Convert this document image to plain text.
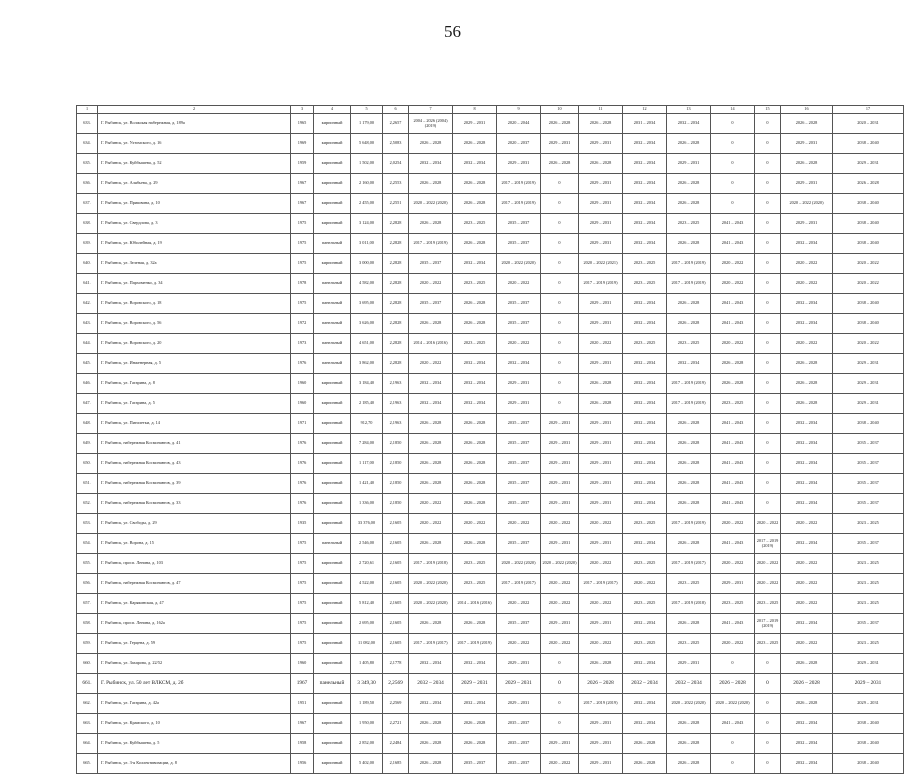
56
1	2	3	4	5	6	7	8	9	10	11	12	13	14	15	16	17
633.	Г. Рыбинск, ул. Волжская набережная, д. 189а	1965	кирпичный	1 179,00	2,2657	2004 – 2026 (2004) (2019)	2029 – 2031	2020 – 2044	2026 – 2028	2026 – 2028	2031 – 2034	2032 – 2034	0	0	2026 – 2028	2020 – 2031
634.	Г. Рыбинск, ул. Ухтомского, д. 16	1969	кирпичный	5 648,00	2,5083	2026 – 2028	2026 – 2028	2020 – 2037	2029 – 2031	2029 – 2031	2032 – 2034	2026 – 2028	0	0	2029 – 2031	2038 – 2040
635.	Г. Рыбинск, ул. Куйбышева, д. 52	1959	кирпичный	1 502,00	2,0254	2032 – 2034	2032 – 2034	2029 – 2031	2026 – 2028	2026 – 2028	2032 – 2034	2029 – 2031	0	0	2026 – 2028	2029 – 2031
636.	Г. Рыбинск, ул. Алябьева, д. 29	1967	кирпичный	2 160,00	2,2553	2026 – 2028	2026 – 2028	2017 – 2019 (2019)	0	2029 – 2031	2032 – 2034	2026 – 2028	0	0	2029 – 2031	2026 – 2028
637.	Г. Рыбинск, ул. Пришвина, д. 10	1967	кирпичный	2 455,00	2,2551	2020 – 2022 (2020)	2026 – 2028	2017 – 2019 (2019)	0	2029 – 2031	2032 – 2034	2026 – 2028	0	0	2020 – 2022 (2020)	2038 – 2040
638.	Г. Рыбинск, ул. Свердлова, д. 3	1975	кирпичный	3 124,00	2,2828	2026 – 2028	2023 – 2025	2035 – 2037	0	2029 – 2031	2032 – 2034	2023 – 2025	2041 – 2043	0	2029 – 2031	2038 – 2040
639.	Г. Рыбинск, ул. Юбилейная, д. 19	1975	панельный	3 011,00	2,2828	2017 – 2019 (2019)	2026 – 2028	2035 – 2037	0	2029 – 2031	2032 – 2034	2026 – 2028	2041 – 2043	0	2032 – 2034	2038 – 2040
640.	Г. Рыбинск, ул. Зеленая, д. 32а	1975	кирпичный	3 000,00	2,2828	2035 – 2037	2032 – 2034	2020 – 2022 (2020)	0	2020 – 2022 (2021)	2023 – 2025	2017 – 2019 (2019)	2020 – 2022	0	2020 – 2022	2020 – 2022
641.	Г. Рыбинск, ул. Пархоменко, д. 34	1978	панельный	4 582,00	2,2828	2020 – 2022	2023 – 2025	2020 – 2022	0	2017 – 2019 (2019)	2023 – 2025	2017 – 2019 (2019)	2020 – 2022	0	2020 – 2022	2020 – 2022
642.	Г. Рыбинск, ул. Воровского, д. 18	1975	панельный	3 695,00	2,2828	2035 – 2037	2026 – 2028	2035 – 2037	0	2029 – 2031	2032 – 2034	2026 – 2028	2041 – 2043	0	2032 – 2034	2038 – 2040
643.	Г. Рыбинск, ул. Воровского, д. 56	1972	панельный	3 626,00	2,2828	2026 – 2028	2026 – 2028	2035 – 2037	0	2029 – 2031	2032 – 2034	2026 – 2028	2041 – 2043	0	2032 – 2034	2038 – 2040
644.	Г. Рыбинск, ул. Воровского, д. 20	1973	панельный	4 651,00	2,2828	2014 – 2016 (2016)	2023 – 2025	2020 – 2022	0	2020 – 2022	2023 – 2025	2023 – 2025	2020 – 2022	0	2020 – 2022	2020 – 2022
645.	Г. Рыбинск, ул. Инженерная, д. 5	1976	панельный	3 862,00	2,2828	2020 – 2022	2032 – 2034	2032 – 2034	0	2029 – 2031	2032 – 2034	2032 – 2034	2026 – 2028	0	2026 – 2028	2029 – 2031
646.	Г. Рыбинск, ул. Гагарина, д. 8	1960	кирпичный	3 184,40	2,1963	2032 – 2034	2032 – 2034	2029 – 2031	0	2026 – 2028	2032 – 2034	2017 – 2019 (2019)	2026 – 2028	0	2026 – 2028	2029 – 2031
647.	Г. Рыбинск, ул. Гагарина, д. 5	1960	кирпичный	2 185,40	2,1963	2032 – 2034	2032 – 2034	2029 – 2031	0	2026 – 2028	2032 – 2034	2017 – 2019 (2019)	2023 – 2025	0	2026 – 2028	2029 – 2031
648.	Г. Рыбинск, ул. Пятилетки, д. 14	1971	кирпичный	912,70	2,1963	2026 – 2028	2026 – 2028	2035 – 2037	2029 – 2031	2029 – 2031	2032 – 2034	2026 – 2028	2041 – 2043	0	2032 – 2034	2038 – 2040
649.	Г. Рыбинск, набережная Космонавтов, д. 41	1976	кирпичный	7 284,00	2,1850	2026 – 2028	2026 – 2028	2035 – 2037	2029 – 2031	2029 – 2031	2032 – 2034	2026 – 2028	2041 – 2043	0	2032 – 2034	2035 – 2037
650.	Г. Рыбинск, набережная Космонавтов, д. 43	1976	кирпичный	1 117,00	2,1850	2026 – 2028	2026 – 2028	2035 – 2037	2029 – 2031	2029 – 2031	2032 – 2034	2026 – 2028	2041 – 2043	0	2032 – 2034	2035 – 2037
651.	Г. Рыбинск, набережная Космонавтов, д. 39	1976	кирпичный	1 421,40	2,1850	2026 – 2028	2026 – 2028	2035 – 2037	2029 – 2031	2029 – 2031	2032 – 2034	2026 – 2028	2041 – 2043	0	2032 – 2034	2035 – 2037
652.	Г. Рыбинск, набережная Космонавтов, д. 33	1976	кирпичный	1 336,00	2,1850	2020 – 2022	2026 – 2028	2035 – 2037	2029 – 2031	2029 – 2031	2032 – 2034	2026 – 2028	2041 – 2043	0	2032 – 2034	2035 – 2037
653.	Г. Рыбинск, ул. Свободы, д. 29	1935	кирпичный	33 376,00	2,1605	2020 – 2022	2020 – 2022	2020 – 2022	2020 – 2022	2020 – 2022	2023 – 2025	2017 – 2019 (2019)	2020 – 2022	2020 – 2022	2020 – 2022	2023 – 2025
654.	Г. Рыбинск, ул. Ворона, д. 15	1975	панельный	2 546,00	2,1605	2026 – 2028	2026 – 2028	2035 – 2037	2029 – 2031	2029 – 2031	2032 – 2034	2026 – 2028	2041 – 2043	2017 – 2019 (2019)	2032 – 2034	2035 – 2037
655.	Г. Рыбинск, просп. Ленина, д. 103	1975	кирпичный	2 720,61	2,1605	2017 – 2019 (2018)	2023 – 2025	2020 – 2022 (2020)	2020 – 2022 (2020)	2020 – 2022	2023 – 2025	2017 – 2019 (2017)	2020 – 2022	2020 – 2022	2020 – 2022	2023 – 2025
656.	Г. Рыбинск, набережная Космонавтов, д. 47	1975	кирпичный	4 522,00	2,1605	2020 – 2022 (2020)	2023 – 2025	2017 – 2019 (2017)	2020 – 2022	2017 – 2019 (2017)	2020 – 2022	2023 – 2025	2029 – 2031	2020 – 2022	2020 – 2022	2023 – 2025
657.	Г. Рыбинск, ул. Карякинская, д. 47	1975	кирпичный	5 812,40	2,1605	2020 – 2022 (2020)	2014 – 2016 (2016)	2020 – 2022	2020 – 2022	2020 – 2022	2023 – 2025	2017 – 2019 (2018)	2023 – 2025	2023 – 2025	2020 – 2022	2023 – 2025
658.	Г. Рыбинск, просп. Ленина, д. 162а	1975	кирпичный	2 695,00	2,1605	2026 – 2028	2026 – 2028	2035 – 2037	2029 – 2031	2029 – 2031	2032 – 2034	2026 – 2028	2041 – 2043	2017 – 2019 (2019)	2032 – 2034	2035 – 2037
659.	Г. Рыбинск, ул. Герцена, д. 59	1975	кирпичный	11 082,00	2,1605	2017 – 2019 (2017)	2017 – 2019 (2019)	2020 – 2022	2020 – 2022	2020 – 2022	2023 – 2025	2023 – 2025	2020 – 2022	2023 – 2025	2020 – 2022	2023 – 2025
660.	Г. Рыбинск, ул. Захарова, д. 22/52	1960	кирпичный	1 405,80	2,1778	2032 – 2034	2032 – 2034	2029 – 2031	0	2026 – 2028	2032 – 2034	2029 – 2031	0	0	2026 – 2028	2029 – 2031
661.	Г. Рыбинск, ул. 50 лет ВЛКСМ, д. 2б	1967	панельный	3 349,30	2,2569	2032 – 2034	2029 – 2031	2029 – 2031	0	2026 – 2028	2032 – 2034	2032 – 2034	2026 – 2028	0	2026 – 2028	2029 – 2031
662.	Г. Рыбинск, ул. Гагарина, д. 42а	1951	кирпичный	1 189,50	2,2569	2032 – 2034	2032 – 2034	2029 – 2031	0	2017 – 2019 (2019)	2032 – 2034	2020 – 2022 (2020)	2020 – 2022 (2020)	0	2026 – 2028	2029 – 2031
663.	Г. Рыбинск, ул. Крамского, д. 10	1967	кирпичный	1 950,00	2,2721	2026 – 2028	2026 – 2028	2035 – 2037	0	2029 – 2031	2032 – 2034	2026 – 2028	2041 – 2043	0	2032 – 2034	2038 – 2040
664.	Г. Рыбинск, ул. Куйбышева, д. 5	1958	кирпичный	2 852,00	2,2484	2026 – 2028	2026 – 2028	2035 – 2037	2029 – 2031	2029 – 2031	2026 – 2028	2026 – 2028	0	0	2032 – 2034	2038 – 2040
665.	Г. Рыбинск, ул. 3-я Коллективизации, д. 8	1956	кирпичный	5 402,00	2,1685	2026 – 2028	2035 – 2037	2035 – 2037	2020 – 2022	2029 – 2031	2026 – 2028	2026 – 2028	0	0	2032 – 2034	2038 – 2040
